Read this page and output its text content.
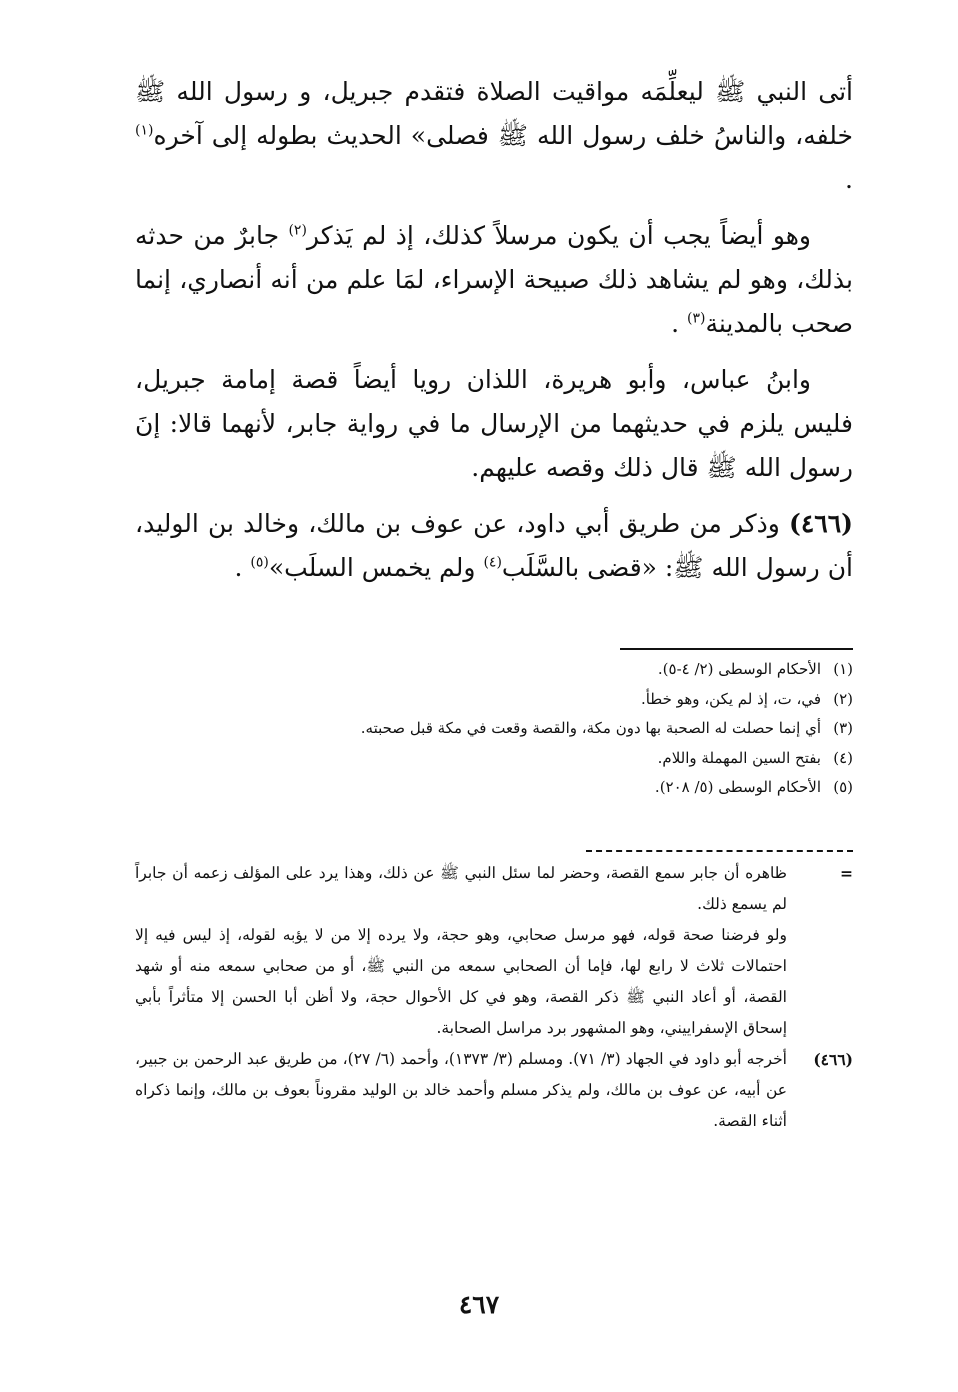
أتى النبي ﷺ ليعلِّمَه مواقيت الصلاة فتقدم جبريل، و رسول الله ﷺ خلفه، والناسُ خلف رسول الله ﷺ فصلى» الحديث بطوله إلى آخره$^{(١)}$ .

وهو أيضاً يجب أن يكون مرسلاً كذلك، إذ لم يَذكر$^{(٢)}$ جابرٌ من حدثه بذلك، وهو لم يشاهد ذلك صبيحة الإسراء، لمَا علم من أنه أنصاري، إنما صحب بالمدينة$^{(٣)}$ .

وابنُ عباس، وأبو هريرة، اللذان رويا أيضاً قصة إمامة جبريل، فليس يلزم في حديثهما من الإرسال ما في رواية جابر، لأنهما قالا: إنَ رسول الله ﷺ قال ذلك وقصه عليهم.

(٤٦٦) وذكر من طريق أبي داود، عن عوف بن مالك، وخالد بن الوليد، أن رسول الله ﷺ: «قضى بالسَّلَب$^{(٤)}$ ولم يخمس السلَب»$^{(٥)}$ .

(١)
الأحكام الوسطى (٢/ ٤-٥).
(٢)
في، ت، إذ لم يكن، وهو خطأ.
(٣)
أي إنما حصلت له الصحبة بها دون مكة، والقصة وقعت في مكة قبل صحبته.
(٤)
بفتح السين المهملة واللام.
(٥)
الأحكام الوسطى (٥/ ٢٠٨).
=

ظاهره أن جابر سمع القصة، وحضر لما سئل النبي ﷺ عن ذلك، وهذا يرد على المؤلف زعمه أن جابراً لم يسمع ذلك.

ولو فرضنا صحة قوله، فهو مرسل صحابي، وهو حجة، ولا يرده إلا من لا يؤبه لقوله، إذ ليس فيه إلا احتمالات ثلاث لا رابع لها، فإما أن الصحابي سمعه من النبي ﷺ، أو من صحابي سمعه منه أو شهد القصة، أو أعاد النبي ﷺ ذكر القصة، وهو في كل الأحوال حجة، ولا أظن أبا الحسن إلا متأثراً بأبي إسحاق الإسفراييني، وهو المشهور برد مراسل الصحابة.

(٤٦٦)
أخرجه أبو داود في الجهاد (٣/ ٧١). ومسلم (٣/ ١٣٧٣)، وأحمد (٦/ ٢٧)، من طريق عبد الرحمن بن جبير، عن أبيه، عن عوف بن مالك، ولم يذكر مسلم وأحمد خالد بن الوليد مقروناً بعوف بن مالك، وإنما ذكراه أثناء القصة.
٤٦٧
